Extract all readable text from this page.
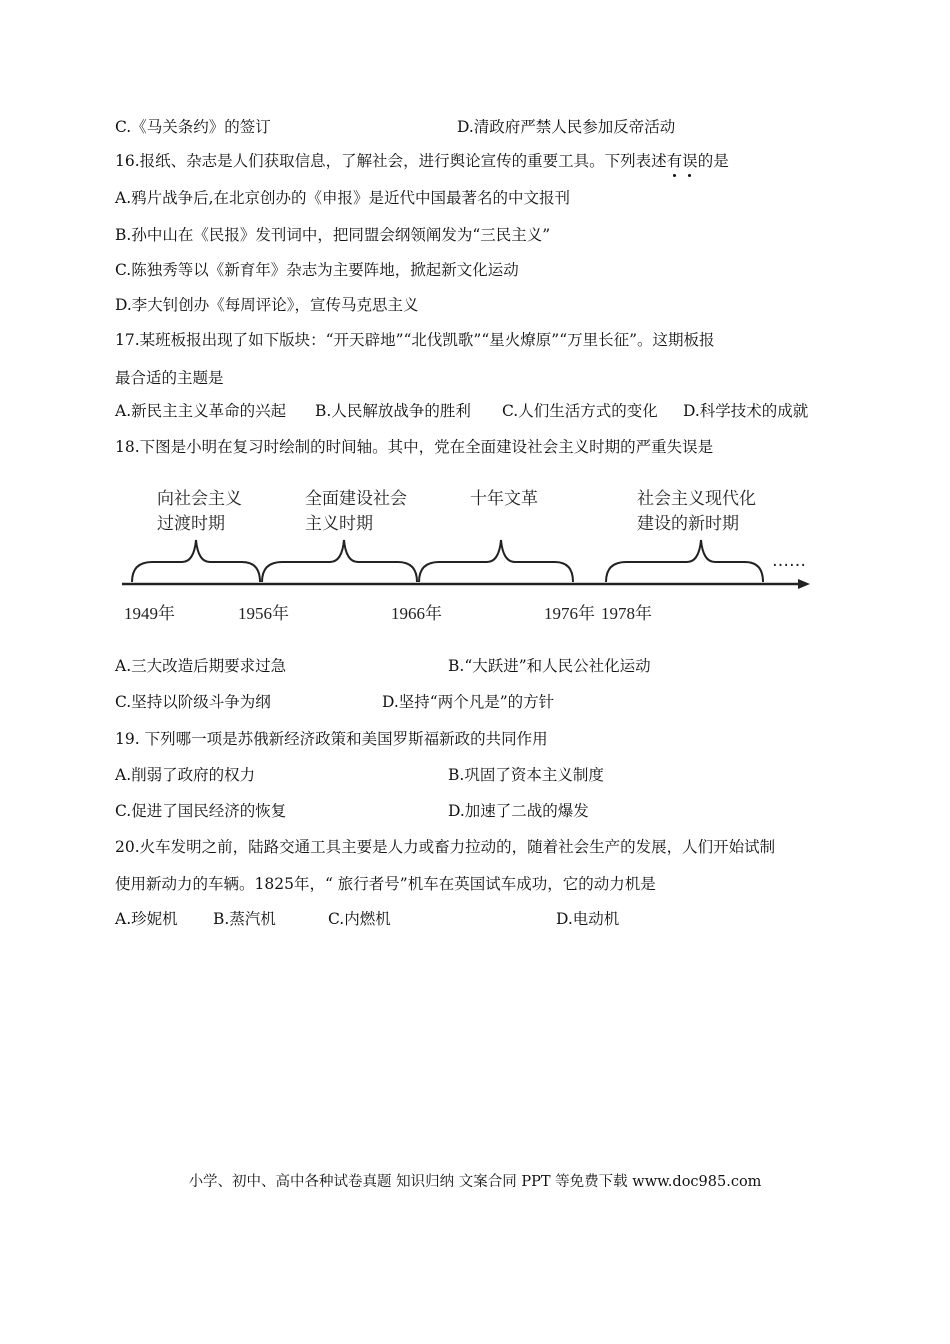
C.《马关条约》的签订	D.清政府严禁人民参加反帝活动
16.报纸、杂志是人们获取信息，了解社会，进行舆论宣传的重要工具。下列表述有
误
的是
A.鸦片战争后,在北京创办的《申报》是近代中国最著名的中文报刊
B.孙中山在《民报》发刊词中，把同盟会纲领阐发为“三民主义”
C.陈独秀等以《新育年》杂志为主要阵地，掀起新文化运动
D.李大钊创办《每周评论》，宣传马克思主义
17.某班板报出现了如下版块：“开天辟地”“北伐凯歌”“星火燎原”“万里长征”。这期板报
最合适的主题是
A.新民主主义革命的兴起 B.人民解放战争的胜利 C.人们生活方式的变化 D.科学技术的成就
18.下图是小明在复习时绘制的时间轴。其中，党在全面建设社会主义时期的严重失误是
向社会主义
过渡时期
全面建设社会
主义时期
十年文革	社会主义现代化
建设的新时期
……
1949年	1956年	1966年	1976年 1978年
A.三大改造后期要求过急	B.“大跃进”和人民公社化运动
C.坚持以阶级斗争为纲	D.坚持“两个凡是”的方针
19. 下列哪一项是苏俄新经济政策和美国罗斯福新政的共同作用
A.削弱了政府的权力	B.巩固了资本主义制度
C.促进了国民经济的恢复	D.加速了二战的爆发
20.火车发明之前，陆路交通工具主要是人力或畜力拉动的，随着社会生产的发展，人们开始试制
使用新动力的车辆。1825年，“ 旅行者号”机车在英国试车成功，它的动力机是
A.珍妮机 B.蒸汽机	C.内燃机	D.电动机
小学、初中、高中各种试卷真题 知识归纳 文案合同 PPT 等免费下载 www.doc985.com
